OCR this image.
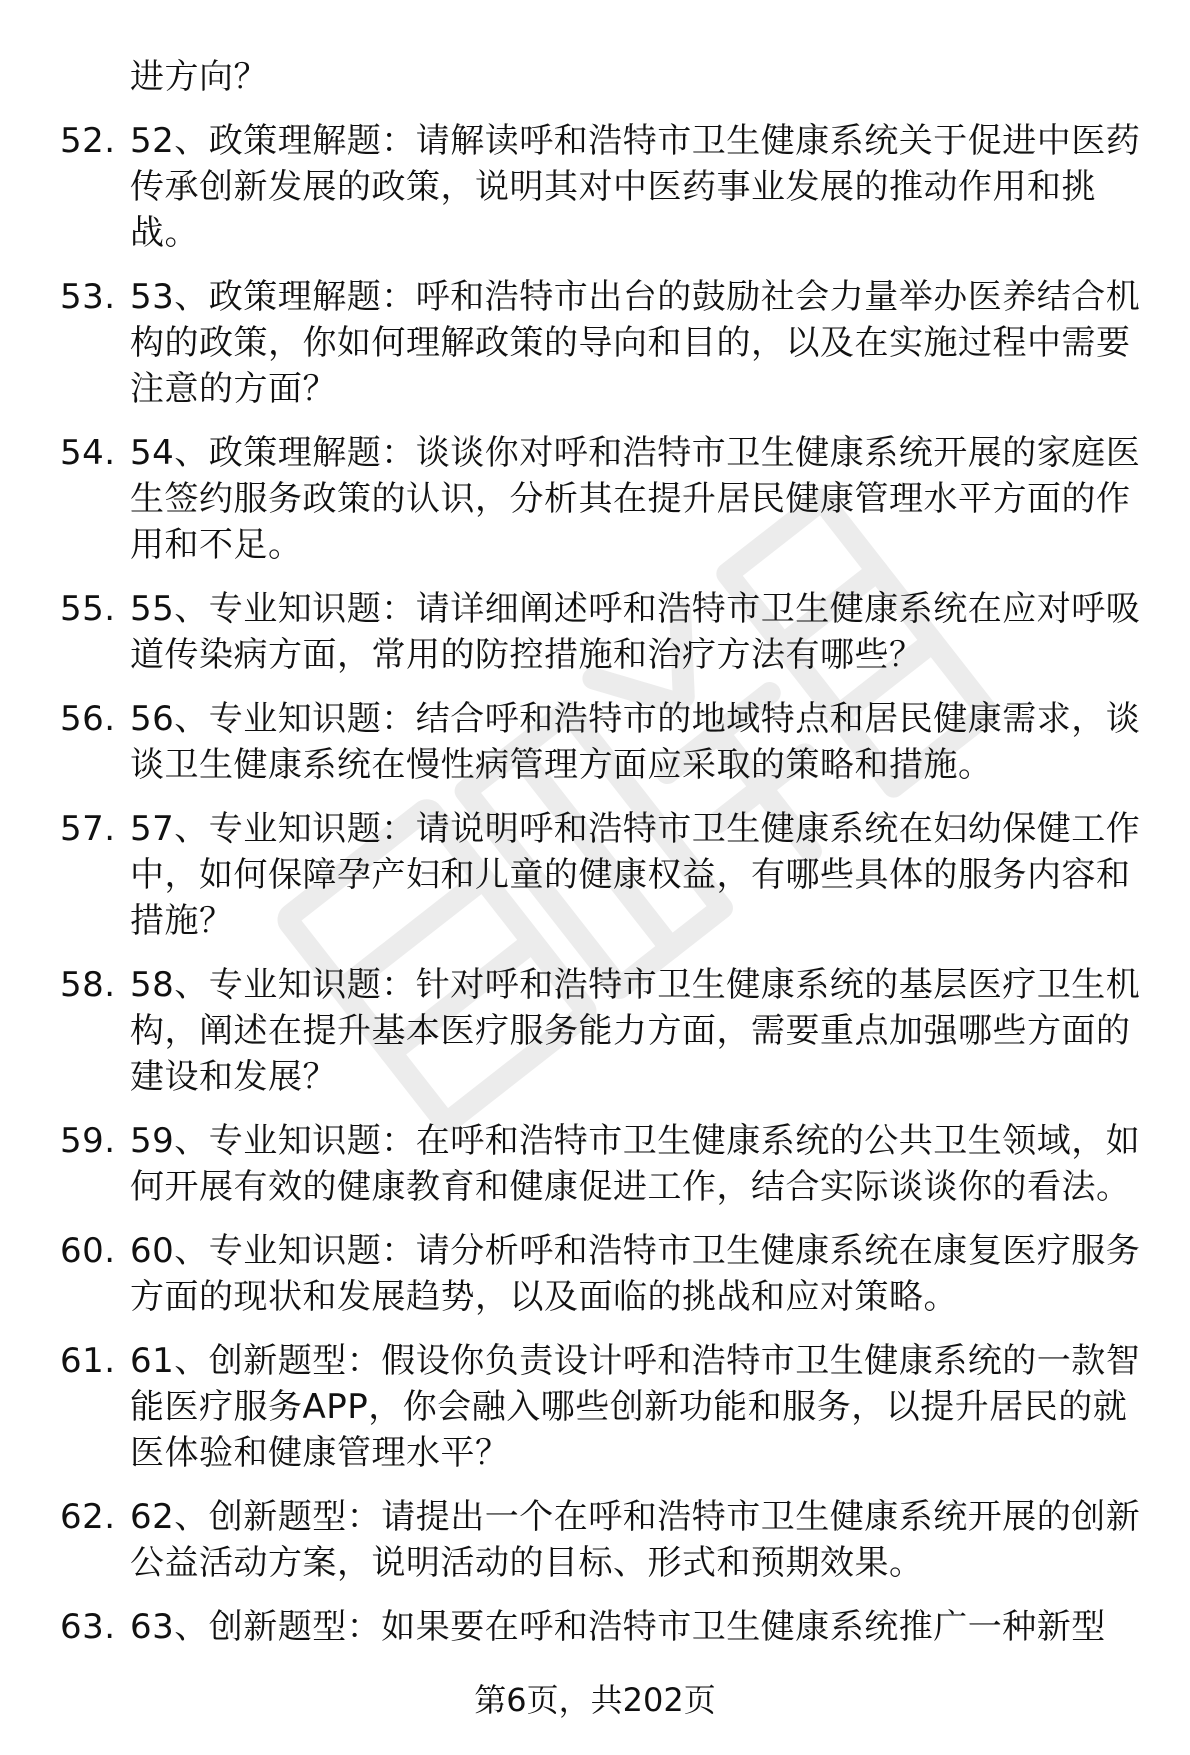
进方向？
52. 52、政策理解题：请解读呼和浩特市卫生健康系统关于促进中医药传承创新发展的政策，说明其对中医药事业发展的推动作用和挑战。
53. 53、政策理解题：呼和浩特市出台的鼓励社会力量举办医养结合机构的政策，你如何理解政策的导向和目的，以及在实施过程中需要注意的方面？
54. 54、政策理解题：谈谈你对呼和浩特市卫生健康系统开展的家庭医生签约服务政策的认识，分析其在提升居民健康管理水平方面的作用和不足。
55. 55、专业知识题：请详细阐述呼和浩特市卫生健康系统在应对呼吸道传染病方面，常用的防控措施和治疗方法有哪些？
56. 56、专业知识题：结合呼和浩特市的地域特点和居民健康需求，谈谈卫生健康系统在慢性病管理方面应采取的策略和措施。
57. 57、专业知识题：请说明呼和浩特市卫生健康系统在妇幼保健工作中，如何保障孕产妇和儿童的健康权益，有哪些具体的服务内容和措施？
58. 58、专业知识题：针对呼和浩特市卫生健康系统的基层医疗卫生机构，阐述在提升基本医疗服务能力方面，需要重点加强哪些方面的建设和发展？
59. 59、专业知识题：在呼和浩特市卫生健康系统的公共卫生领域，如何开展有效的健康教育和健康促进工作，结合实际谈谈你的看法。
60. 60、专业知识题：请分析呼和浩特市卫生健康系统在康复医疗服务方面的现状和发展趋势，以及面临的挑战和应对策略。
61. 61、创新题型：假设你负责设计呼和浩特市卫生健康系统的一款智能医疗服务APP，你会融入哪些创新功能和服务，以提升居民的就医体验和健康管理水平？
62. 62、创新题型：请提出一个在呼和浩特市卫生健康系统开展的创新公益活动方案，说明活动的目标、形式和预期效果。
63. 63、创新题型：如果要在呼和浩特市卫生健康系统推广一种新型
第6页，共202页
